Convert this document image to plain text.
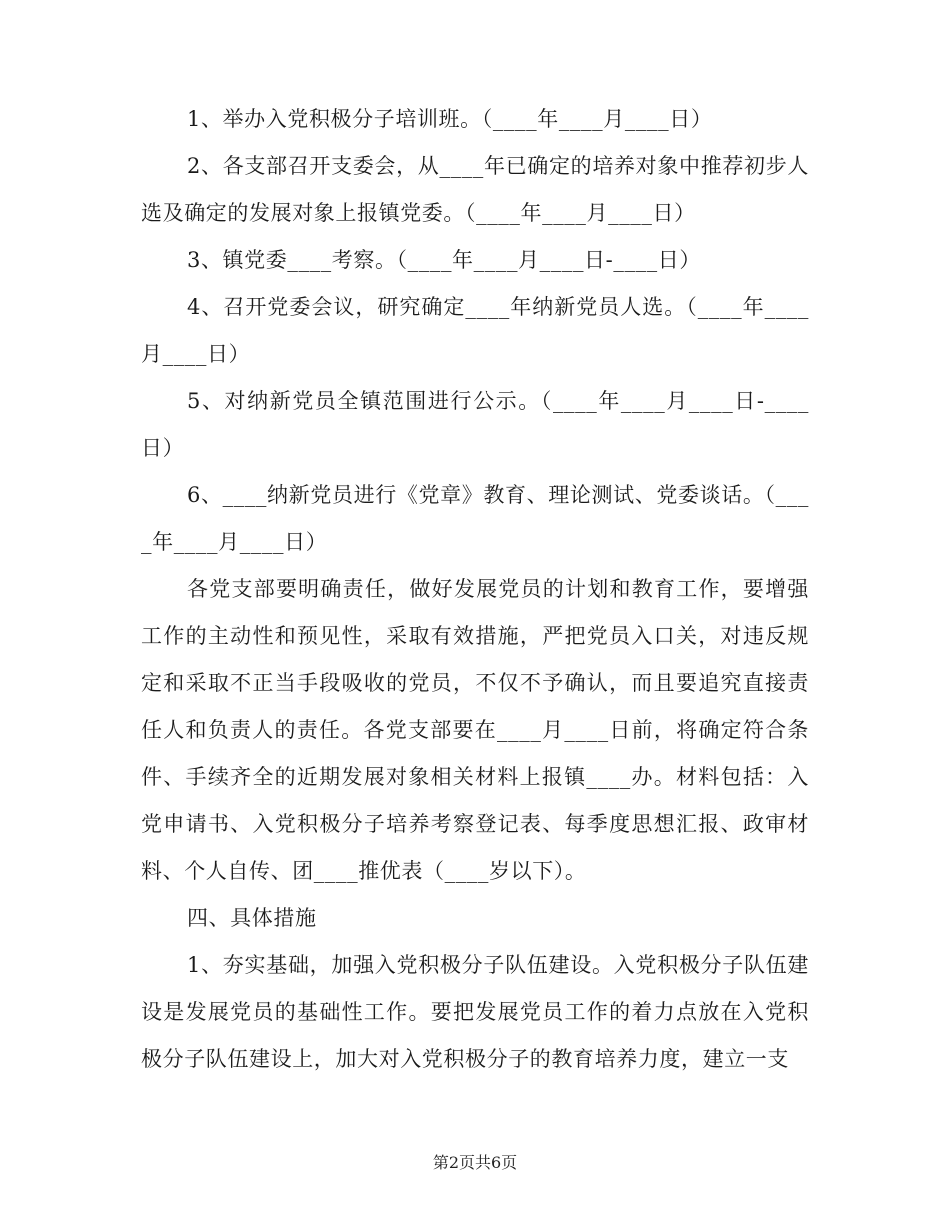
1、举办入党积极分子培训班。（____年____月____日）

2、各支部召开支委会，从____年已确定的培养对象中推荐初步人选及确定的发展对象上报镇党委。（____年____月____日）

3、镇党委____考察。（____年____月____日-____日）

4、召开党委会议，研究确定____年纳新党员人选。（____年____月____日）

5、对纳新党员全镇范围进行公示。（____年____月____日-____日）

6、____纳新党员进行《党章》教育、理论测试、党委谈话。（____年____月____日）

各党支部要明确责任，做好发展党员的计划和教育工作，要增强工作的主动性和预见性，采取有效措施，严把党员入口关，对违反规定和采取不正当手段吸收的党员，不仅不予确认，而且要追究直接责任人和负责人的责任。各党支部要在____月____日前，将确定符合条件、手续齐全的近期发展对象相关材料上报镇____办。材料包括：入党申请书、入党积极分子培养考察登记表、每季度思想汇报、政审材料、个人自传、团____推优表（____岁以下）。

四、具体措施

1、夯实基础，加强入党积极分子队伍建设。入党积极分子队伍建设是发展党员的基础性工作。要把发展党员工作的着力点放在入党积极分子队伍建设上，加大对入党积极分子的教育培养力度，建立一支

第2页共6页
